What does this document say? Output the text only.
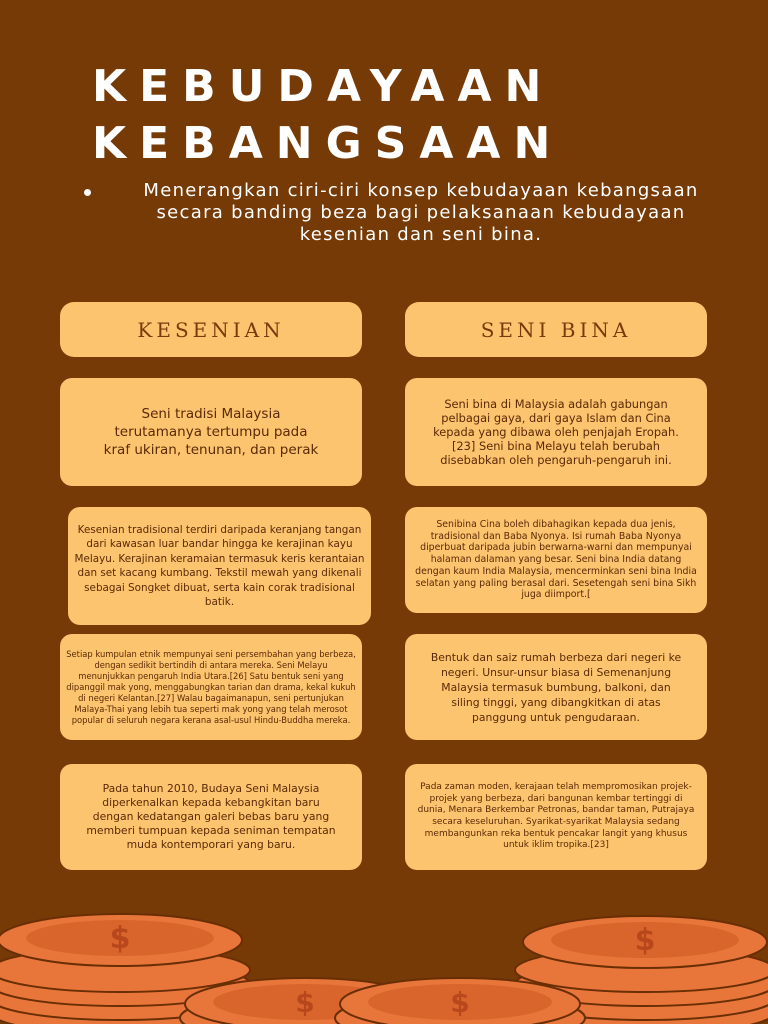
KEBUDAYAAN
KEBANGSAAN

Menerangkan ciri-ciri konsep kebudayaan kebangsaan secara banding beza bagi pelaksanaan kebudayaan kesenian dan seni bina.

KESENIAN	SENI BINA

Seni tradisi Malaysia terutamanya tertumpu pada kraf ukiran, tenunan, dan perak

Kesenian tradisional terdiri daripada keranjang tangan dari kawasan luar bandar hingga ke kerajinan kayu Melayu. Kerajinan keramaian termasuk keris kerantaian dan set kacang kumbang. Tekstil mewah yang dikenali sebagai Songket dibuat, serta kain corak tradisional batik.

Setiap kumpulan etnik mempunyai seni persembahan yang berbeza, dengan sedikit bertindih di antara mereka. Seni Melayu menunjukkan pengaruh India Utara.[26] Satu bentuk seni yang dipanggil mak yong, menggabungkan tarian dan drama, kekal kukuh di negeri Kelantan.[27] Walau bagaimanapun, seni pertunjukan Malaya-Thai yang lebih tua seperti mak yong yang telah merosot popular di seluruh negara kerana asal-usul Hindu-Buddha mereka.

Pada tahun 2010, Budaya Seni Malaysia diperkenalkan kepada kebangkitan baru dengan kedatangan galeri bebas baru yang memberi tumpuan kepada seniman tempatan muda kontemporari yang baru.

Seni bina di Malaysia adalah gabungan pelbagai gaya, dari gaya Islam dan Cina kepada yang dibawa oleh penjajah Eropah.[23] Seni bina Melayu telah berubah disebabkan oleh pengaruh-pengaruh ini.

Senibina Cina boleh dibahagikan kepada dua jenis, tradisional dan Baba Nyonya. Isi rumah Baba Nyonya diperbuat daripada jubin berwarna-warni dan mempunyai halaman dalaman yang besar. Seni bina India datang dengan kaum India Malaysia, mencerminkan seni bina India selatan yang paling berasal dari. Sesetengah seni bina Sikh juga diimport.[

Bentuk dan saiz rumah berbeza dari negeri ke negeri. Unsur-unsur biasa di Semenanjung Malaysia termasuk bumbung, balkoni, dan siling tinggi, yang dibangkitkan di atas panggung untuk pengudaraan.

Pada zaman moden, kerajaan telah mempromosikan projek-projek yang berbeza, dari bangunan kembar tertinggi di dunia, Menara Berkembar Petronas, bandar taman, Putrajaya secara keseluruhan. Syarikat-syarikat Malaysia sedang membangunkan reka bentuk pencakar langit yang khusus untuk iklim tropika.[23]

$	$
$	$
